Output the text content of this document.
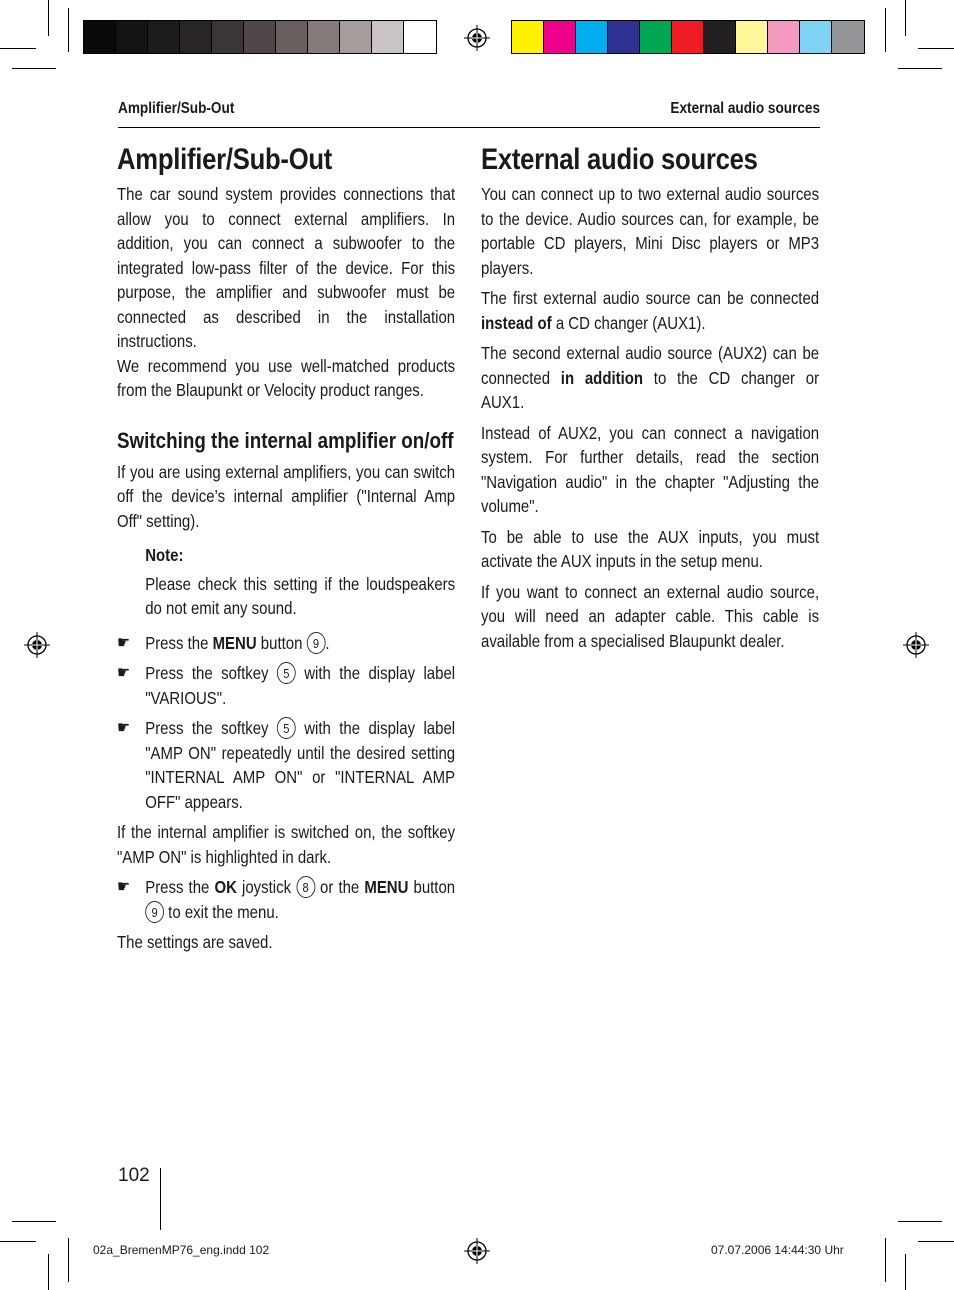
Amplifier/Sub-Out	External audio sources
Amplifier/Sub-Out

The car sound system provides connections that allow you to connect external amplifiers. In addition, you can connect a subwoofer to the integrated low-pass filter of the device. For this purpose, the amplifier and subwoofer must be connected as described in the installation instructions.

We recommend you use well-matched products from the Blaupunkt or Velocity product ranges.

Switching the internal amplifier on/off

If you are using external amplifiers, you can switch off the device’s internal amplifier ("Internal Amp Off" setting).

Note:

Please check this setting if the loudspeakers do not emit any sound.

☛ Press the MENU button 9 .
☛ Press the softkey 5 with the display label "VARIOUS".
☛ Press the softkey 5 with the display label "AMP ON" repeatedly until the desired setting "INTERNAL AMP ON" or "INTERNAL AMP OFF" appears.

If the internal amplifier is switched on, the softkey "AMP ON" is highlighted in dark.

☛ Press the OK joystick 8 or the MENU button 9 to exit the menu.

The settings are saved.

External audio sources

You can connect up to two external audio sources to the device. Audio sources can, for example, be portable CD players, Mini Disc players or MP3 players.

The first external audio source can be connected instead of a CD changer (AUX1).

The second external audio source (AUX2) can be connected in addition to the CD changer or AUX1.

Instead of AUX2, you can connect a navigation system. For further details, read the section "Navigation audio" in the chapter "Adjusting the volume".

To be able to use the AUX inputs, you must activate the AUX inputs in the setup menu.

If you want to connect an external audio source, you will need an adapter cable. This cable is available from a specialised Blaupunkt dealer.

102
02a_BremenMP76_eng.indd 102	07.07.2006 14:44:30 Uhr
